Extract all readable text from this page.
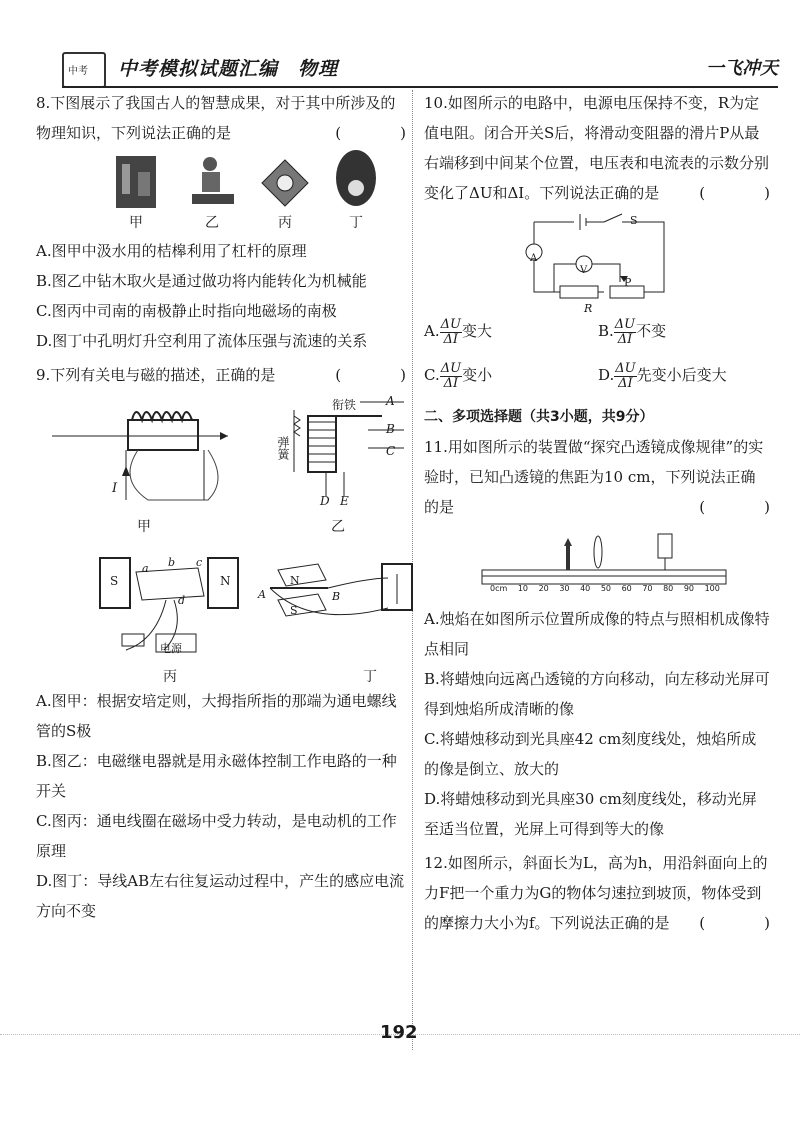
中考 中考模拟试题汇编　物理	一飞冲天

8.下图展示了我国古人的智慧成果，对于其中所涉及的物理知识，下列说法正确的是	(　)

甲	乙	丙	丁

A.图甲中汲水用的桔槔利用了杠杆的原理

B.图乙中钻木取火是通过做功将内能转化为机械能

C.图丙中司南的南极静止时指向地磁场的南极

D.图丁中孔明灯升空利用了流体压强与流速的关系

9.下列有关电与磁的描述，正确的是	(　)

I
甲
衔铁
弹簧
A
B
C
D E
乙
S	N
a b c
d
电源
丙
N
S
A	B
丁

A.图甲：根据安培定则，大拇指所指的那端为通电螺线管的S极

B.图乙：电磁继电器就是用永磁体控制工作电路的一种开关

C.图丙：通电线圈在磁场中受力转动，是电动机的工作原理

D.图丁：导线AB左右往复运动过程中，产生的感应电流方向不变

10.如图所示的电路中，电源电压保持不变，R为定值电阻。闭合开关S后，将滑动变阻器的滑片P从最右端移到中间某个位置，电压表和电流表的示数分别变化了ΔU和ΔI。下列说法正确的是	(　)

S
A
V
P
R
A. $\frac{\Delta U}{\Delta I}$ 变大	B. $\frac{\Delta U}{\Delta I}$ 不变
C. $\frac{\Delta U}{\Delta I}$ 变小	D. $\frac{\Delta U}{\Delta I}$ 先变小后变大

二、多项选择题（共3小题，共9分）

11.用如图所示的装置做“探究凸透镜成像规律”的实验时，已知凸透镜的焦距为10 cm，下列说法正确的是	(　)

0cm 10 20 30 40 50 60 70 80 90 100

A.烛焰在如图所示位置所成像的特点与照相机成像特点相同

B.将蜡烛向远离凸透镜的方向移动，向左移动光屏可得到烛焰所成清晰的像

C.将蜡烛移动到光具座42 cm刻度线处，烛焰所成的像是倒立、放大的

D.将蜡烛移动到光具座30 cm刻度线处，移动光屏至适当位置，光屏上可得到等大的像

12.如图所示，斜面长为L，高为h，用沿斜面向上的力F把一个重力为G的物体匀速拉到坡顶，物体受到的摩擦力大小为f。下列说法正确的是 (　)

192
